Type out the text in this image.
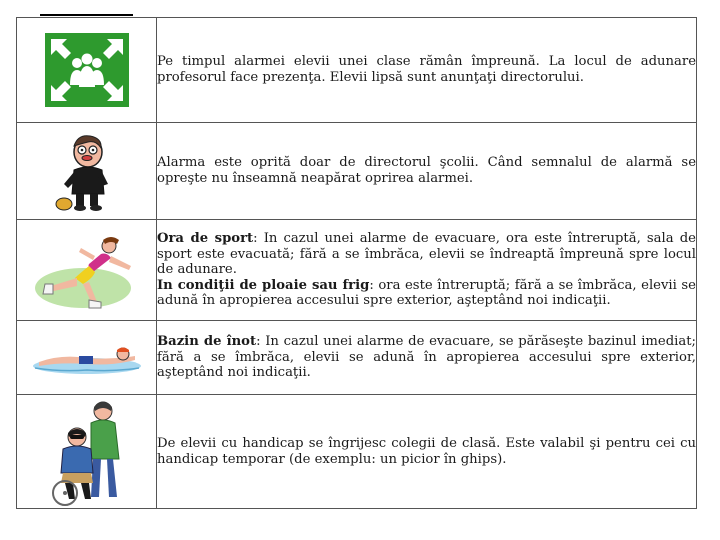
Pe timpul alarmei elevii unei clase rămân împreună. La locul de adunare profesorul face prezenţa. Elevii lipsă sunt anunţaţi directorului.

Alarma este oprită doar de directorul şcolii. Când semnalul de alarmă se opreşte nu înseamnă neapărat oprirea alarmei.

Ora de sport: In cazul unei alarme de evacuare, ora este întreruptă, sala de sport este evacuată; fără a se îmbrăca, elevii se îndreaptă împreună spre locul de adunare.

In condiţii de ploaie sau frig: ora este întreruptă; fără a se îmbrăca, elevii se adună în apropierea accesului spre exterior, aşteptând noi indicaţii.

Bazin de înot: In cazul unei alarme de evacuare, se părăseşte bazinul imediat; fără a se îmbrăca, elevii se adună în apropierea accesului spre exterior, aşteptând noi indicaţii.

De elevii cu handicap se îngrijesc colegii de clasă. Este valabil şi pentru cei cu handicap temporar (de exemplu: un picior în ghips).
